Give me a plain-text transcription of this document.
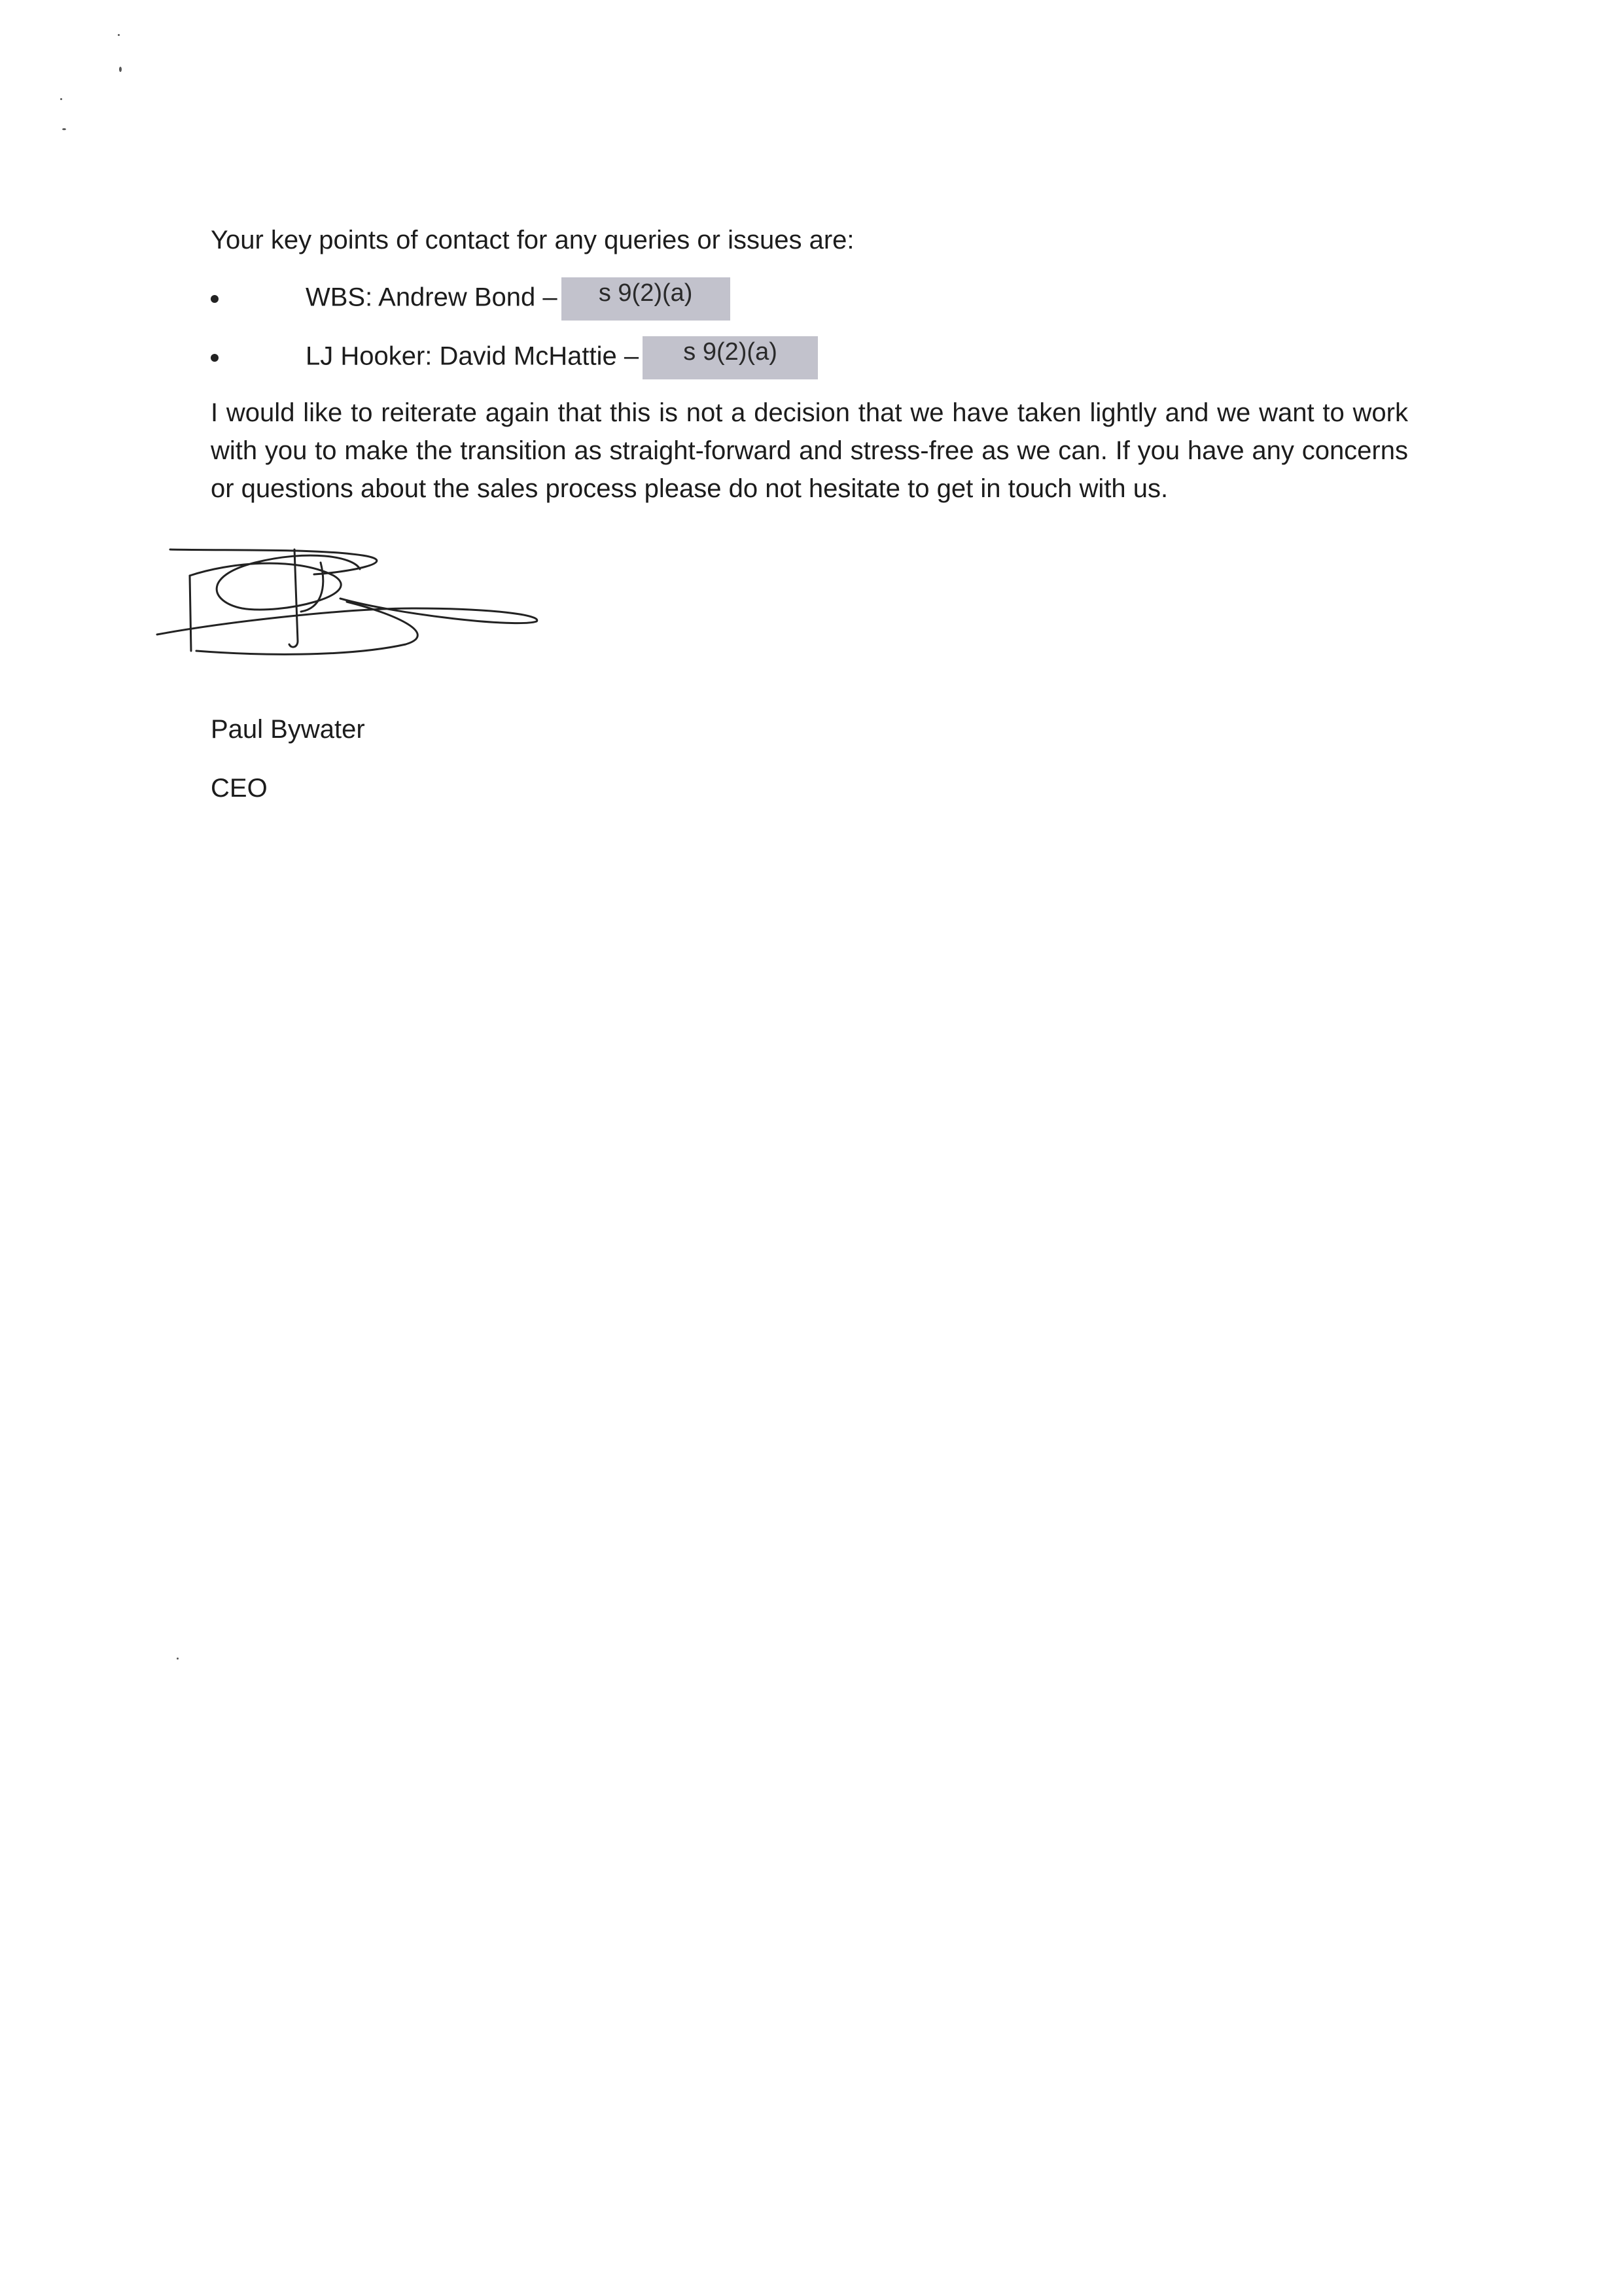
Your key points of contact for any queries or issues are:

WBS: Andrew Bond – s 9(2)(a)
LJ Hooker: David McHattie – s 9(2)(a)

I would like to reiterate again that this is not a decision that we have taken lightly and we want to work with you to make the transition as straight-forward and stress-free as we can. If you have any concerns or questions about the sales process please do not hesitate to get in touch with us.

Paul Bywater
CEO
